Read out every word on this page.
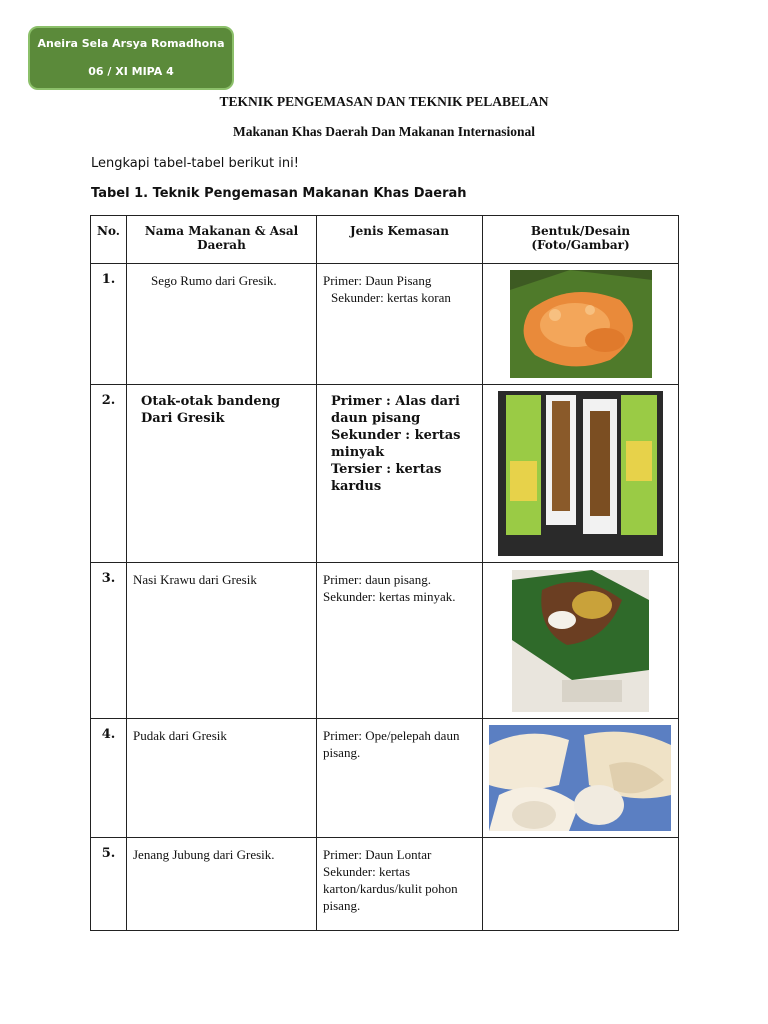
Aneira Sela Arsya Romadhona
06 / XI MIPA 4
TEKNIK PENGEMASAN DAN TEKNIK PELABELAN
Makanan Khas Daerah Dan Makanan Internasional
Lengkapi tabel-tabel berikut ini!
Tabel 1. Teknik Pengemasan Makanan Khas Daerah
No.	Nama Makanan & Asal Daerah	Jenis Kemasan	Bentuk/Desain (Foto/Gambar)
1.	Sego Rumo dari Gresik.	Primer: Daun Pisang
Sekunder: kertas koran

2.	Otak-otak bandeng Dari Gresik	Primer : Alas dari daun pisang
Sekunder : kertas minyak
Tersier : kertas kardus

3.	Nasi Krawu dari Gresik	Primer: daun pisang.
Sekunder: kertas minyak.	

4.	Pudak dari Gresik	Primer: Ope/pelepah daun pisang.	

5.	Jenang Jubung dari Gresik.	Primer: Daun Lontar
Sekunder: kertas karton/kardus/kulit pohon pisang.	
